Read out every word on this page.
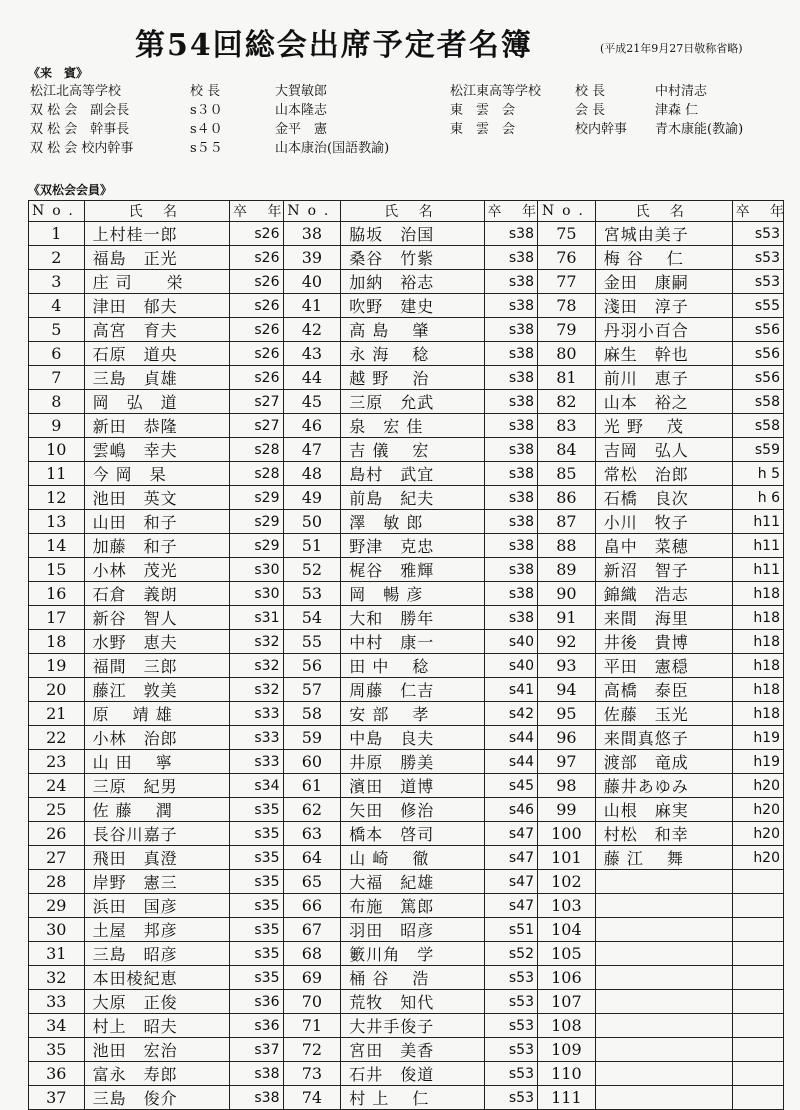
第54回総会出席予定者名簿	(平成21年9月27日敬称省略)
《来　賓》
松江北高等学校	校 長	大賀敏郎
双 松 会　副会長	s３０	山本隆志
双 松 会　幹事長	s４０	金平　憲
双 松 会 校内幹事	s５５	山本康治(国語教諭)
松江東高等学校	校 長	中村清志
東　雲　会	会 長	津森 仁
東　雲　会	校内幹事	青木康能(教諭)
《双松会会員》
No.	氏 名	卒 年	No.	氏 名	卒 年	No.	氏 名	卒 年
1	上村桂一郎	s26	38	脇坂　治国	s38	75	宮城由美子	s53
2	福島　正光	s26	39	桑谷　竹紫	s38	76	梅 谷　 仁	s53
3	庄 司　　栄	s26	40	加納　裕志	s38	77	金田　康嗣	s53
4	津田　郁夫	s26	41	吹野　建史	s38	78	淺田　淳子	s55
5	高宮　育夫	s26	42	高 島　 肇	s38	79	丹羽小百合	s56
6	石原　道央	s26	43	永 海　 稔	s38	80	麻生　幹也	s56
7	三島　貞雄	s26	44	越 野　 治	s38	81	前川　恵子	s56
8	岡　弘　道	s27	45	三原　允武	s38	82	山本　裕之	s58
9	新田　恭隆	s27	46	泉　宏 佳	s38	83	光 野　 茂	s58
10	雲嶋　幸夫	s28	47	吉 儀　 宏	s38	84	吉岡　弘人	s59
11	今 岡　杲	s28	48	島村　武宜	s38	85	常松　治郎	h 5
12	池田　英文	s29	49	前島　紀夫	s38	86	石橋　良次	h 6
13	山田　和子	s29	50	澤　敏 郎	s38	87	小川　牧子	h11
14	加藤　和子	s29	51	野津　克忠	s38	88	畠中　菜穂	h11
15	小林　茂光	s30	52	梶谷　雅輝	s38	89	新沼　智子	h11
16	石倉　義朗	s30	53	岡　暢 彦	s38	90	錦織　浩志	h18
17	新谷　智人	s31	54	大和　勝年	s38	91	来間　海里	h18
18	水野　恵夫	s32	55	中村　康一	s40	92	井後　貴博	h18
19	福間　三郎	s32	56	田 中　 稔	s40	93	平田　憲穏	h18
20	藤江　敦美	s32	57	周藤　仁吉	s41	94	高橋　泰臣	h18
21	原　 靖 雄	s33	58	安 部　 孝	s42	95	佐藤　玉光	h18
22	小林　治郎	s33	59	中島　良夫	s44	96	来間真悠子	h19
23	山 田　 寧	s33	60	井原　勝美	s44	97	渡部　竜成	h19
24	三原　紀男	s34	61	濱田　道博	s45	98	藤井あゆみ	h20
25	佐 藤　 潤	s35	62	矢田　修治	s46	99	山根　麻実	h20
26	長谷川嘉子	s35	63	橋本　啓司	s47	100	村松　和幸	h20
27	飛田　真澄	s35	64	山 崎　 徹	s47	101	藤 江　 舞	h20
28	岸野　憲三	s35	65	大福　紀雄	s47	102		
29	浜田　国彦	s35	66	布施　篤郎	s47	103		
30	土屋　邦彦	s35	67	羽田　昭彦	s51	104		
31	三島　昭彦	s35	68	籔川角　学	s52	105		
32	本田棱紀恵	s35	69	桶 谷　 浩	s53	106		
33	大原　正俊	s36	70	荒牧　知代	s53	107		
34	村上　昭夫	s36	71	大井手俊子	s53	108		
35	池田　宏治	s37	72	宮田　美香	s53	109		
36	富永　寿郎	s38	73	石井　俊道	s53	110		
37	三島　俊介	s38	74	村 上　 仁	s53	111		
